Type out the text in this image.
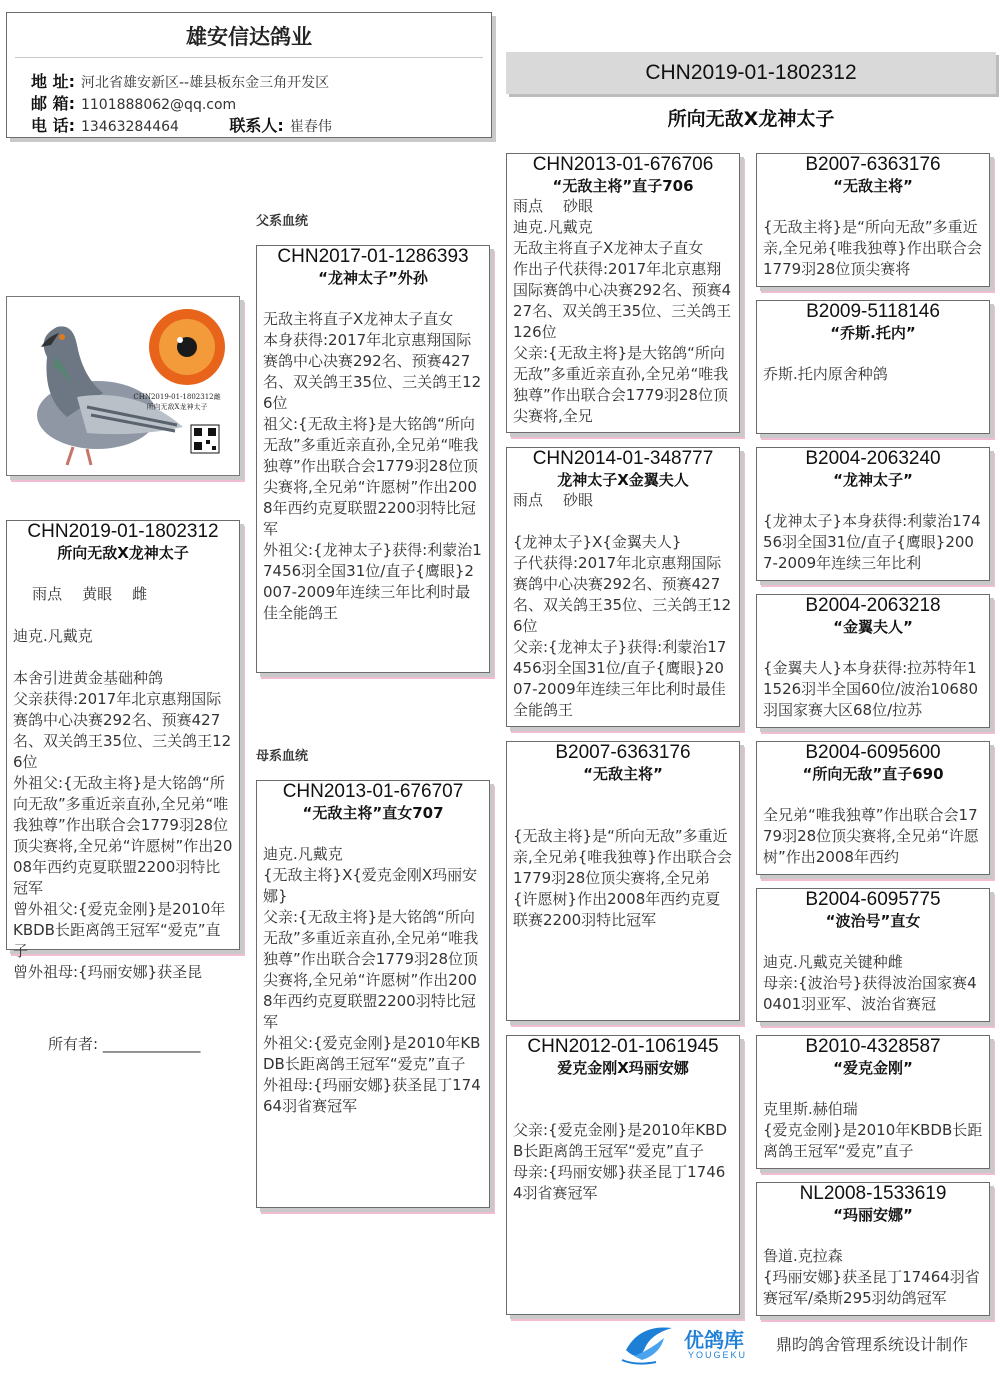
雄安信达鸽业
地 址: 河北省雄安新区--雄县板东金三角开发区
邮 箱: 1101888062@qq.com
电 话: 13463284464	联系人: 崔春伟
CHN2019-01-1802312
所向无敌X龙神太子
CHN2019-01-1802312雌
所向无敌X龙神太子
父系血统
母系血统
CHN2019-01-1802312
所向无敌X龙神太子

雨点 黄眼 雌

迪克.凡戴克
本舍引进黄金基础种鸽
父亲获得:2017年北京惠翔国际赛鸽中心决赛292名、预赛427名、双关鸽王35位、三关鸽王126位
外祖父:{无敌主将}是大铭鸽“所向无敌”多重近亲直孙,全兄弟“唯我独尊”作出联合会1779羽28位顶尖赛将,全兄弟“许愿树”作出2008年西约克夏联盟2200羽特比冠军
曾外祖父:{爱克金刚}是2010年KBDB长距离鸽王冠军“爱克”直子
曾外祖母:{玛丽安娜}获圣昆
所有者: _____________
CHN2017-01-1286393
“龙神太子”外孙
无敌主将直子X龙神太子直女
本身获得:2017年北京惠翔国际赛鸽中心决赛292名、预赛427名、双关鸽王35位、三关鸽王126位
祖父:{无敌主将}是大铭鸽“所向无敌”多重近亲直孙,全兄弟“唯我独尊”作出联合会1779羽28位顶尖赛将,全兄弟“许愿树”作出2008年西约克夏联盟2200羽特比冠军
外祖父:{龙神太子}获得:利蒙治17456羽全国31位/直子{鹰眼}2007-2009年连续三年比利时最佳全能鸽王
CHN2013-01-676707
“无敌主将”直女707
迪克.凡戴克
{无敌主将}X{爱克金刚X玛丽安娜}
父亲:{无敌主将}是大铭鸽“所向无敌”多重近亲直孙,全兄弟“唯我独尊”作出联合会1779羽28位顶尖赛将,全兄弟“许愿树”作出2008年西约克夏联盟2200羽特比冠军
外祖父:{爱克金刚}是2010年KBDB长距离鸽王冠军“爱克”直子
外祖母:{玛丽安娜}获圣昆丁17464羽省赛冠军
CHN2013-01-676706
“无敌主将”直子706
雨点 砂眼
迪克.凡戴克
无敌主将直子X龙神太子直女
作出子代获得:2017年北京惠翔国际赛鸽中心决赛292名、预赛427名、双关鸽王35位、三关鸽王126位
父亲:{无敌主将}是大铭鸽“所向无敌”多重近亲直孙,全兄弟“唯我独尊”作出联合会1779羽28位顶尖赛将,全兄
CHN2014-01-348777
龙神太子X金翼夫人
雨点 砂眼
{龙神太子}X{金翼夫人}
子代获得:2017年北京惠翔国际赛鸽中心决赛292名、预赛427名、双关鸽王35位、三关鸽王126位
父亲:{龙神太子}获得:利蒙治17456羽全国31位/直子{鹰眼}2007-2009年连续三年比利时最佳全能鸽王
B2007-6363176
“无敌主将”
{无敌主将}是“所向无敌”多重近亲,全兄弟{唯我独尊}作出联合会1779羽28位顶尖赛将,全兄弟{许愿树}作出2008年西约克夏联赛2200羽特比冠军
CHN2012-01-1061945
爱克金刚X玛丽安娜
父亲:{爱克金刚}是2010年KBDB长距离鸽王冠军“爱克”直子
母亲:{玛丽安娜}获圣昆丁17464羽省赛冠军
B2007-6363176
“无敌主将”
{无敌主将}是“所向无敌”多重近亲,全兄弟{唯我独尊}作出联合会1779羽28位顶尖赛将
B2009-5118146
“乔斯.托内”
乔斯.托内原舍种鸽
B2004-2063240
“龙神太子”
{龙神太子}本身获得:利蒙治17456羽全国31位/直子{鹰眼}2007-2009年连续三年比利
B2004-2063218
“金翼夫人”
{金翼夫人}本身获得:拉苏特年11526羽半全国60位/波治10680羽国家赛大区68位/拉苏
B2004-6095600
“所向无敌”直子690
全兄弟“唯我独尊”作出联合会1779羽28位顶尖赛将,全兄弟“许愿树”作出2008年西约
B2004-6095775
“波治号”直女
迪克.凡戴克关键种雌
母亲:{波治号}获得波治国家赛40401羽亚军、波治省赛冠
B2010-4328587
“爱克金刚”
克里斯.赫伯瑞
{爱克金刚}是2010年KBDB长距离鸽王冠军“爱克”直子
NL2008-1533619
“玛丽安娜”
鲁道.克拉森
{玛丽安娜}获圣昆丁17464羽省赛冠军/桑斯295羽幼鸽冠军
优鸽库
YOUGEKU
鼎昀鸽舍管理系统设计制作
